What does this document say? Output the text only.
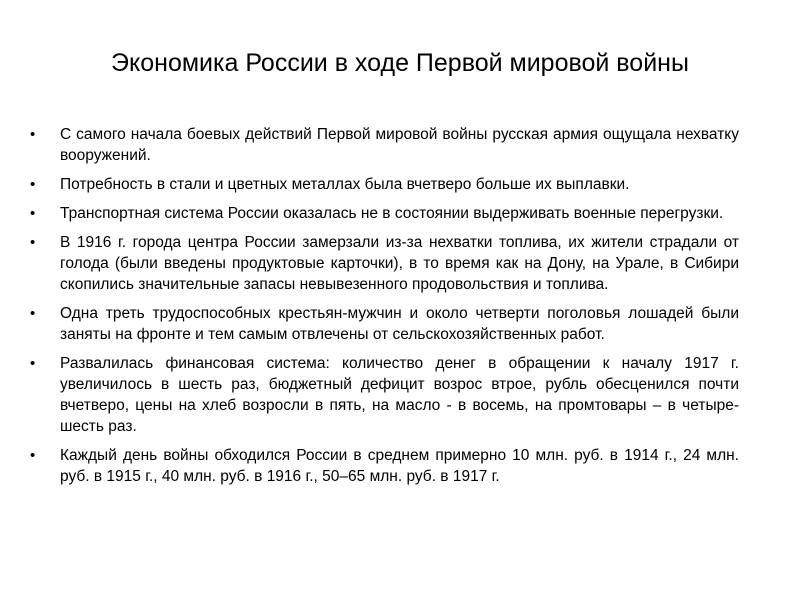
Экономика России в ходе Первой мировой войны
•	С самого начала боевых действий Первой мировой войны русская армия ощущала нехватку вооружений.
•	Потребность в стали и цветных металлах была вчетверо больше их выплавки.
•	Транспортная система России оказалась не в состоянии выдерживать военные перегрузки.
•	В 1916 г. города центра России замерзали из-за нехватки топлива, их жители страдали от голода (были введены продуктовые карточки), в то время как на Дону, на Урале, в Сибири скопились значительные запасы невывезенного продовольствия и топлива.
•	Одна треть трудоспособных крестьян-мужчин и около четверти поголовья лошадей были заняты на фронте и тем самым отвлечены от сельскохозяйственных работ.
•	Развалилась финансовая система: количество денег в обращении к началу 1917 г. увеличилось в шесть раз, бюджетный дефицит возрос втрое, рубль обесценился почти вчетверо, цены на хлеб возросли в пять, на масло - в восемь, на промтовары – в четыре-шесть раз.
•	Каждый день войны обходился России в среднем примерно 10 млн. руб. в 1914 г., 24 млн. руб. в 1915 г., 40 млн. руб. в 1916 г., 50–65 млн. руб. в 1917 г.
